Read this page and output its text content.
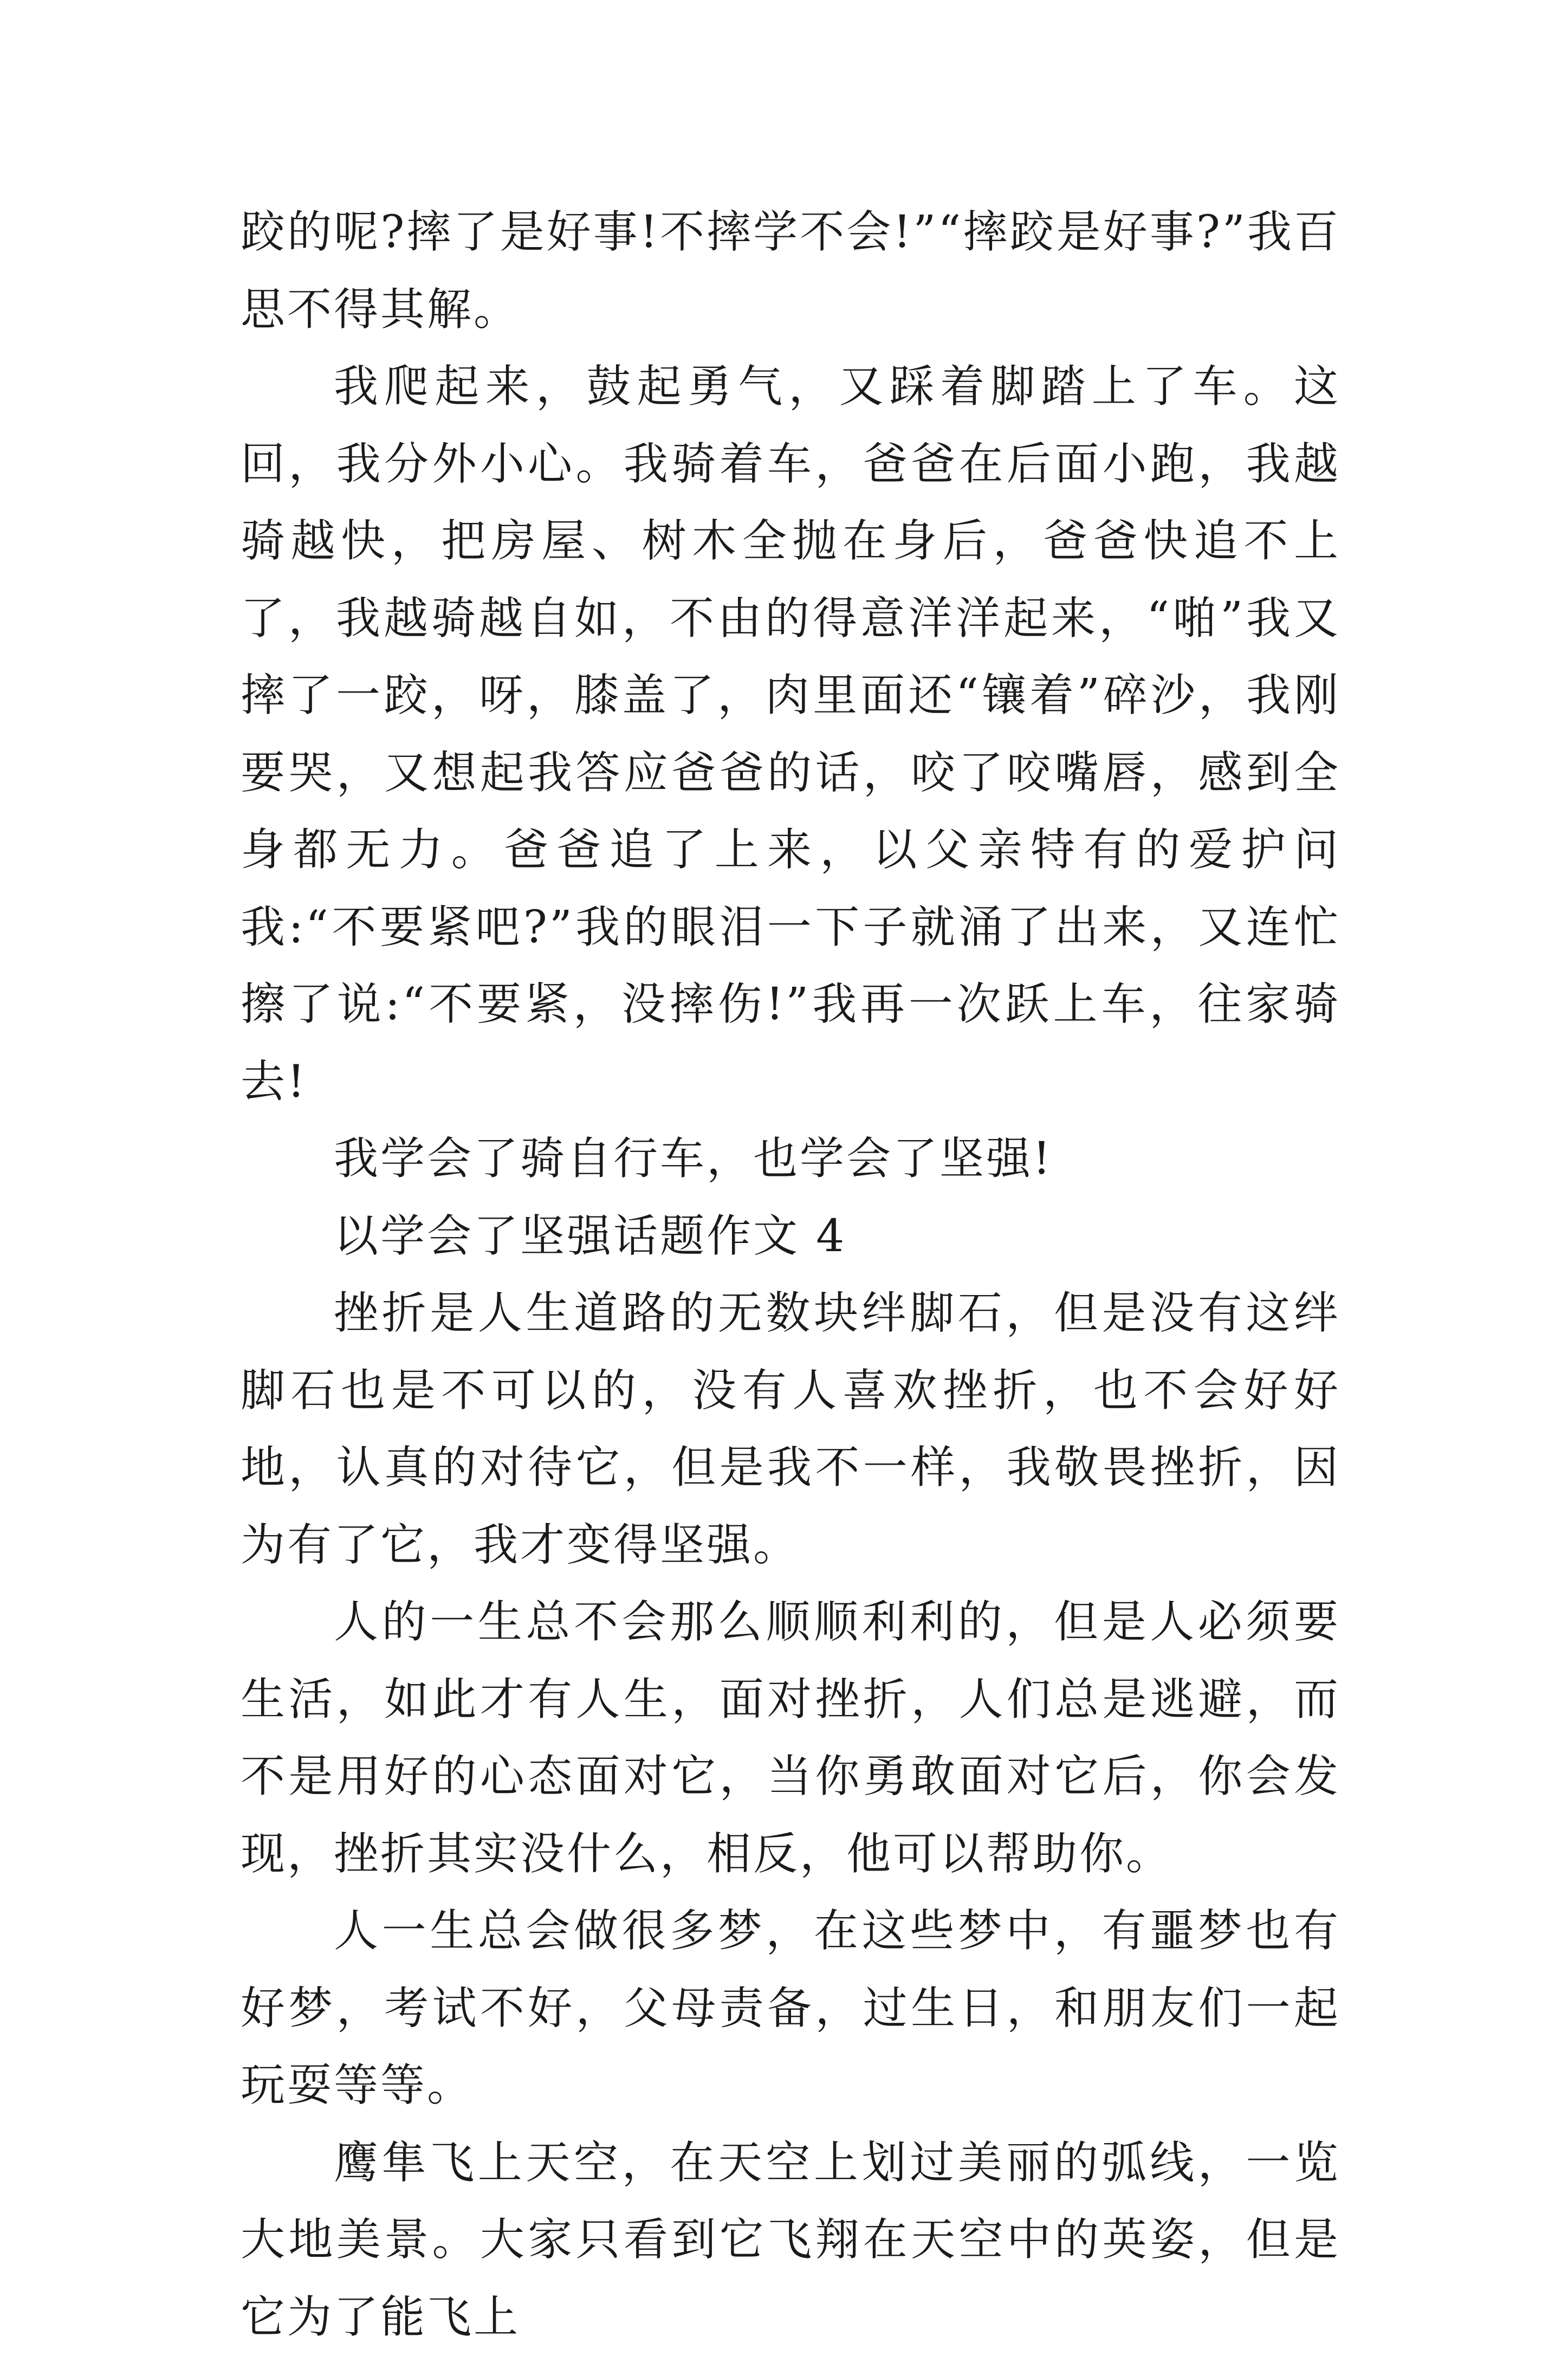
跤的呢?摔了是好事!不摔学不会!”“摔跤是好事?”我百思不得其解。

我爬起来，鼓起勇气，又踩着脚踏上了车。这回，我分外小心。我骑着车，爸爸在后面小跑，我越骑越快，把房屋、树木全抛在身后，爸爸快追不上了，我越骑越自如，不由的得意洋洋起来，“啪”我又摔了一跤，呀，膝盖了，肉里面还“镶着”碎沙，我刚要哭，又想起我答应爸爸的话，咬了咬嘴唇，感到全身都无力。爸爸追了上来，以父亲特有的爱护问我:“不要紧吧?”我的眼泪一下子就涌了出来，又连忙擦了说:“不要紧，没摔伤!”我再一次跃上车，往家骑去!

我学会了骑自行车，也学会了坚强!

以学会了坚强话题作文 4

挫折是人生道路的无数块绊脚石，但是没有这绊脚石也是不可以的，没有人喜欢挫折，也不会好好地，认真的对待它，但是我不一样，我敬畏挫折，因为有了它，我才变得坚强。

人的一生总不会那么顺顺利利的，但是人必须要生活，如此才有人生，面对挫折，人们总是逃避，而不是用好的心态面对它，当你勇敢面对它后，你会发现，挫折其实没什么，相反，他可以帮助你。

人一生总会做很多梦，在这些梦中，有噩梦也有好梦，考试不好，父母责备，过生日，和朋友们一起玩耍等等。

鹰隼飞上天空，在天空上划过美丽的弧线，一览大地美景。大家只看到它飞翔在天空中的英姿，但是它为了能飞上
